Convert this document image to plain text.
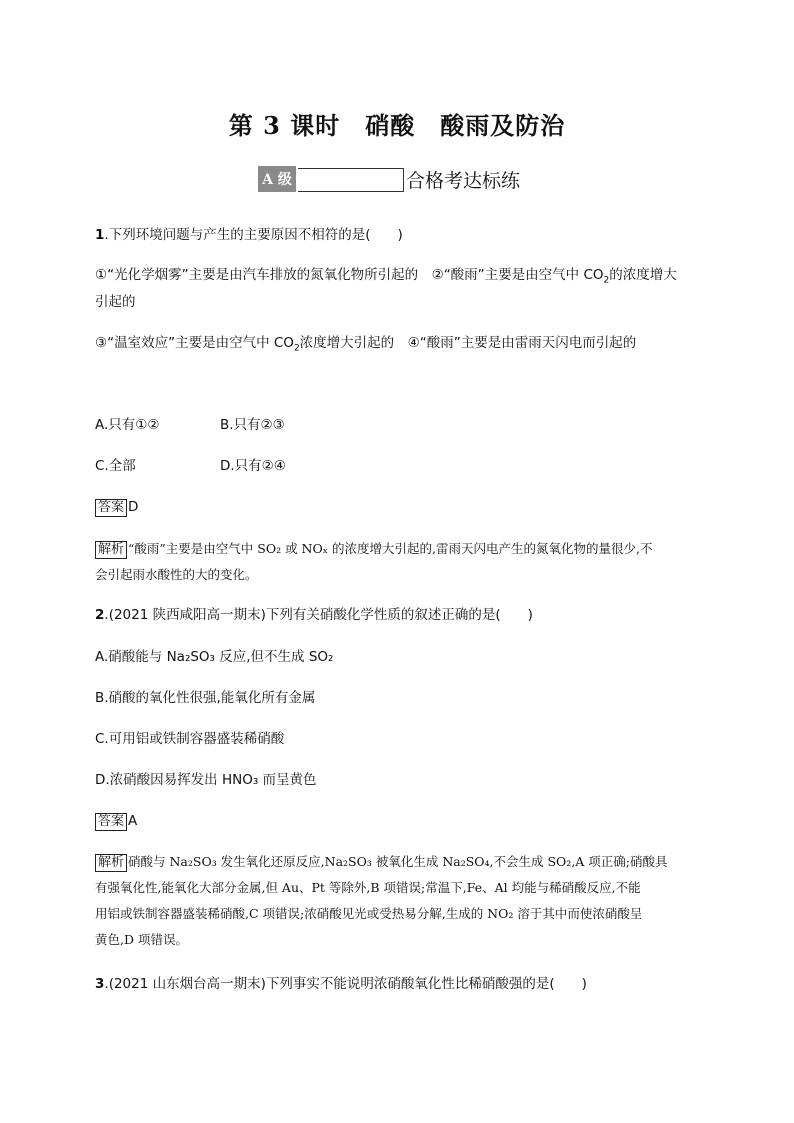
第 3 课时　硝酸　酸雨及防治
A 级	合格考达标练
1.下列环境问题与产生的主要原因不相符的是(　　)
①“光化学烟雾”主要是由汽车排放的氮氧化物所引起的　②“酸雨”主要是由空气中 $CO_2$的浓度增大
引起的
③“温室效应”主要是由空气中 $CO_2$浓度增大引起的　④“酸雨”主要是由雷雨天闪电而引起的
A.只有①②	B.只有②③
C.全部	D.只有②④
答案 D
解析 “酸雨”主要是由空气中 SO₂ 或 NOₓ 的浓度增大引起的,雷雨天闪电产生的氮氧化物的量很少,不
会引起雨水酸性的大的变化。
2.(2021 陕西咸阳高一期末)下列有关硝酸化学性质的叙述正确的是(　　)
A.硝酸能与 Na₂SO₃ 反应,但不生成 SO₂
B.硝酸的氧化性很强,能氧化所有金属
C.可用铝或铁制容器盛装稀硝酸
D.浓硝酸因易挥发出 HNO₃ 而呈黄色
答案 A
解析 硝酸与 Na₂SO₃ 发生氧化还原反应,Na₂SO₃ 被氧化生成 Na₂SO₄,不会生成 SO₂,A 项正确;硝酸具
有强氧化性,能氧化大部分金属,但 Au、Pt 等除外,B 项错误;常温下,Fe、Al 均能与稀硝酸反应,不能
用铝或铁制容器盛装稀硝酸,C 项错误;浓硝酸见光或受热易分解,生成的 NO₂ 溶于其中而使浓硝酸呈
黄色,D 项错误。
3.(2021 山东烟台高一期末)下列事实不能说明浓硝酸氧化性比稀硝酸强的是(　　)
